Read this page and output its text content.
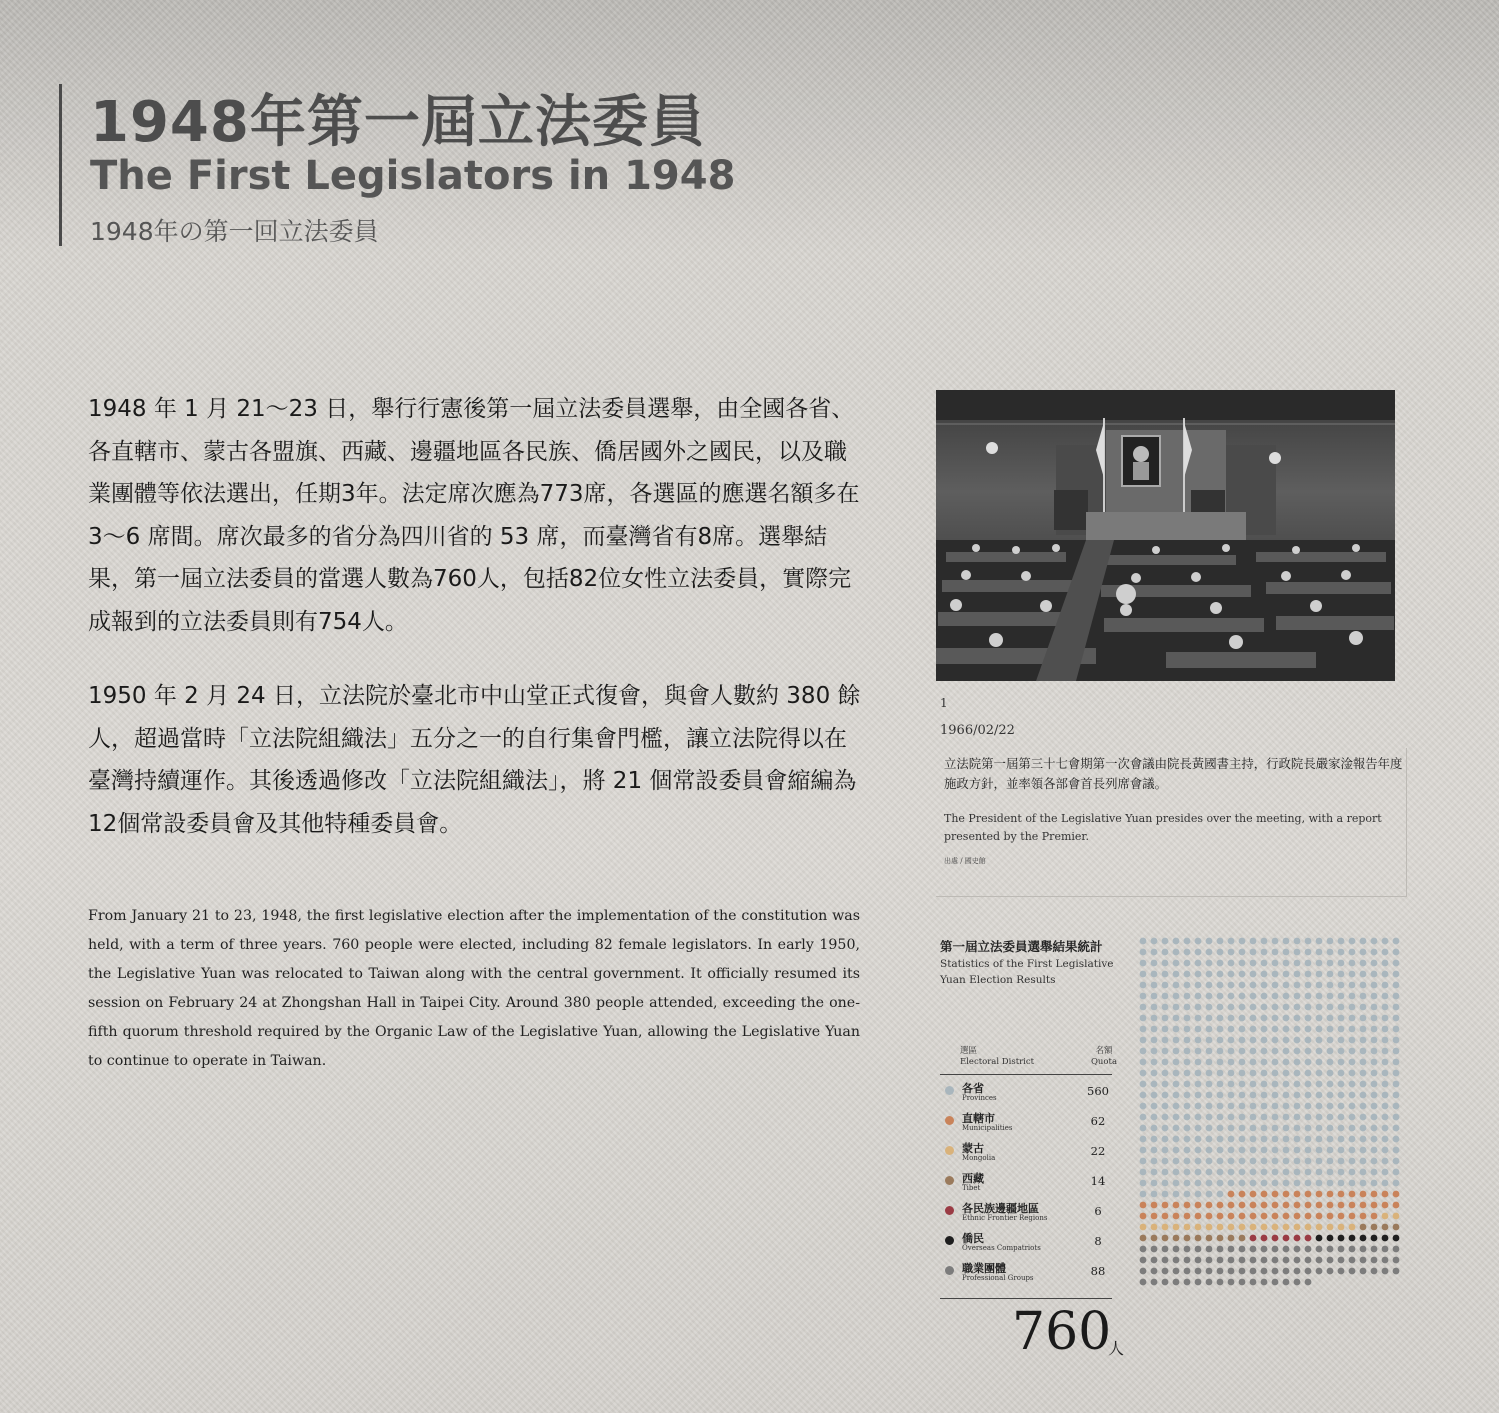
1948年第一屆立法委員
The First Legislators in 1948
1948年の第一回立法委員
1948 年 1 月 21～23 日，舉行行憲後第一屆立法委員選舉，由全國各省、各直轄市、蒙古各盟旗、西藏、邊疆地區各民族、僑居國外之國民，以及職業團體等依法選出，任期3年。法定席次應為773席，各選區的應選名額多在 3～6 席間。席次最多的省分為四川省的 53 席，而臺灣省有8席。選舉結果，第一屆立法委員的當選人數為760人，包括82位女性立法委員，實際完成報到的立法委員則有754人。
1950 年 2 月 24 日，立法院於臺北市中山堂正式復會，與會人數約 380 餘人，超過當時「立法院組織法」五分之一的自行集會門檻，讓立法院得以在臺灣持續運作。其後透過修改「立法院組織法」，將 21 個常設委員會縮編為12個常設委員會及其他特種委員會。
From January 21 to 23, 1948, the first legislative election after the implementation of the constitution was held, with a term of three years. 760 people were elected, including 82 female legislators. In early 1950, the Legislative Yuan was relocated to Taiwan along with the central government. It officially resumed its session on February 24 at Zhongshan Hall in Taipei City. Around 380 people attended, exceeding the one-fifth quorum threshold required by the Organic Law of the Legislative Yuan, allowing the Legislative Yuan to continue to operate in Taiwan.
1
1966/02/22
立法院第一屆第三十七會期第一次會議由院長黃國書主持，行政院長嚴家淦報告年度施政方針，並率領各部會首長列席會議。
The President of the Legislative Yuan presides over the meeting, with a report presented by the Premier.
出處 / 國史館
第一屆立法委員選舉結果統計
Statistics of the First Legislative Yuan Election Results
選區
Electoral District
名額
Quota
各省
Provinces	560
直轄市
Municipalities	62
蒙古
Mongolia	22
西藏
Tibet	14
各民族邊疆地區
Ethnic Frontier Regions	6
僑民
Overseas Compatriots	8
職業團體
Professional Groups	88
760
人
